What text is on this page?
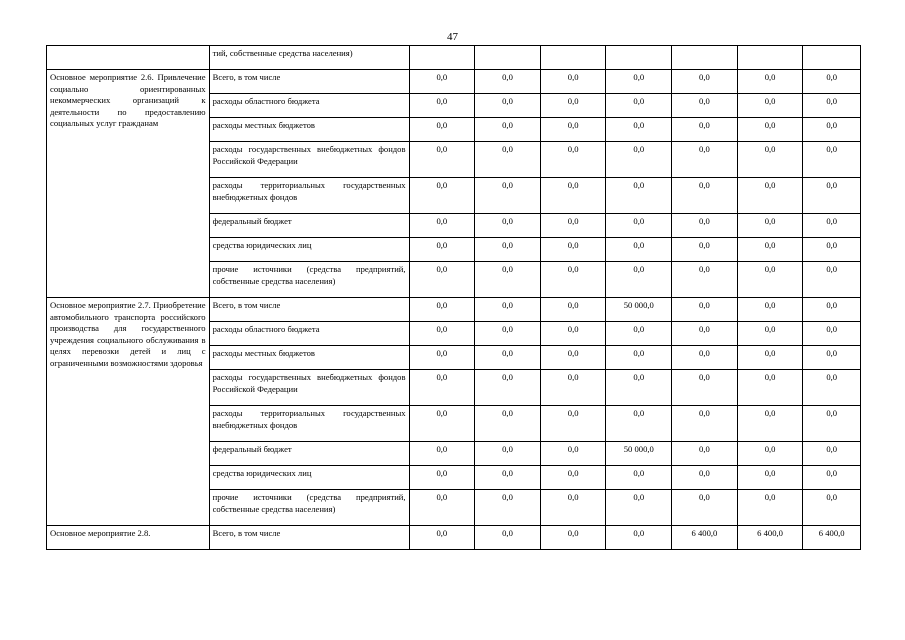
47
	тий, собственные средства населения)							
Основное мероприятие 2.6. Привлечение социально ориентированных некоммерческих организаций к деятельности по предоставлению социальных услуг гражданам	Всего, в том числе	0,0	0,0	0,0	0,0	0,0	0,0	0,0
	расходы областного бюджета	0,0	0,0	0,0	0,0	0,0	0,0	0,0
	расходы местных бюджетов	0,0	0,0	0,0	0,0	0,0	0,0	0,0
	расходы государственных внебюджетных фондов Российской Федерации	0,0	0,0	0,0	0,0	0,0	0,0	0,0
	расходы территориальных государственных внебюджетных фондов	0,0	0,0	0,0	0,0	0,0	0,0	0,0
	федеральный бюджет	0,0	0,0	0,0	0,0	0,0	0,0	0,0
	средства юридических лиц	0,0	0,0	0,0	0,0	0,0	0,0	0,0
	прочие источники (средства предприятий, собственные средства населения)	0,0	0,0	0,0	0,0	0,0	0,0	0,0
Основное мероприятие 2.7. Приобретение автомобильного транспорта российского производства для государственного учреждения социального обслуживания в целях перевозки детей и лиц с ограниченными возможностями здоровья	Всего, в том числе	0,0	0,0	0,0	50 000,0	0,0	0,0	0,0
	расходы областного бюджета	0,0	0,0	0,0	0,0	0,0	0,0	0,0
	расходы местных бюджетов	0,0	0,0	0,0	0,0	0,0	0,0	0,0
	расходы государственных внебюджетных фондов Российской Федерации	0,0	0,0	0,0	0,0	0,0	0,0	0,0
	расходы территориальных государственных внебюджетных фондов	0,0	0,0	0,0	0,0	0,0	0,0	0,0
	федеральный бюджет	0,0	0,0	0,0	50 000,0	0,0	0,0	0,0
	средства юридических лиц	0,0	0,0	0,0	0,0	0,0	0,0	0,0
	прочие источники (средства предприятий, собственные средства населения)	0,0	0,0	0,0	0,0	0,0	0,0	0,0
Основное мероприятие 2.8.	Всего, в том числе	0,0	0,0	0,0	0,0	6 400,0	6 400,0	6 400,0
